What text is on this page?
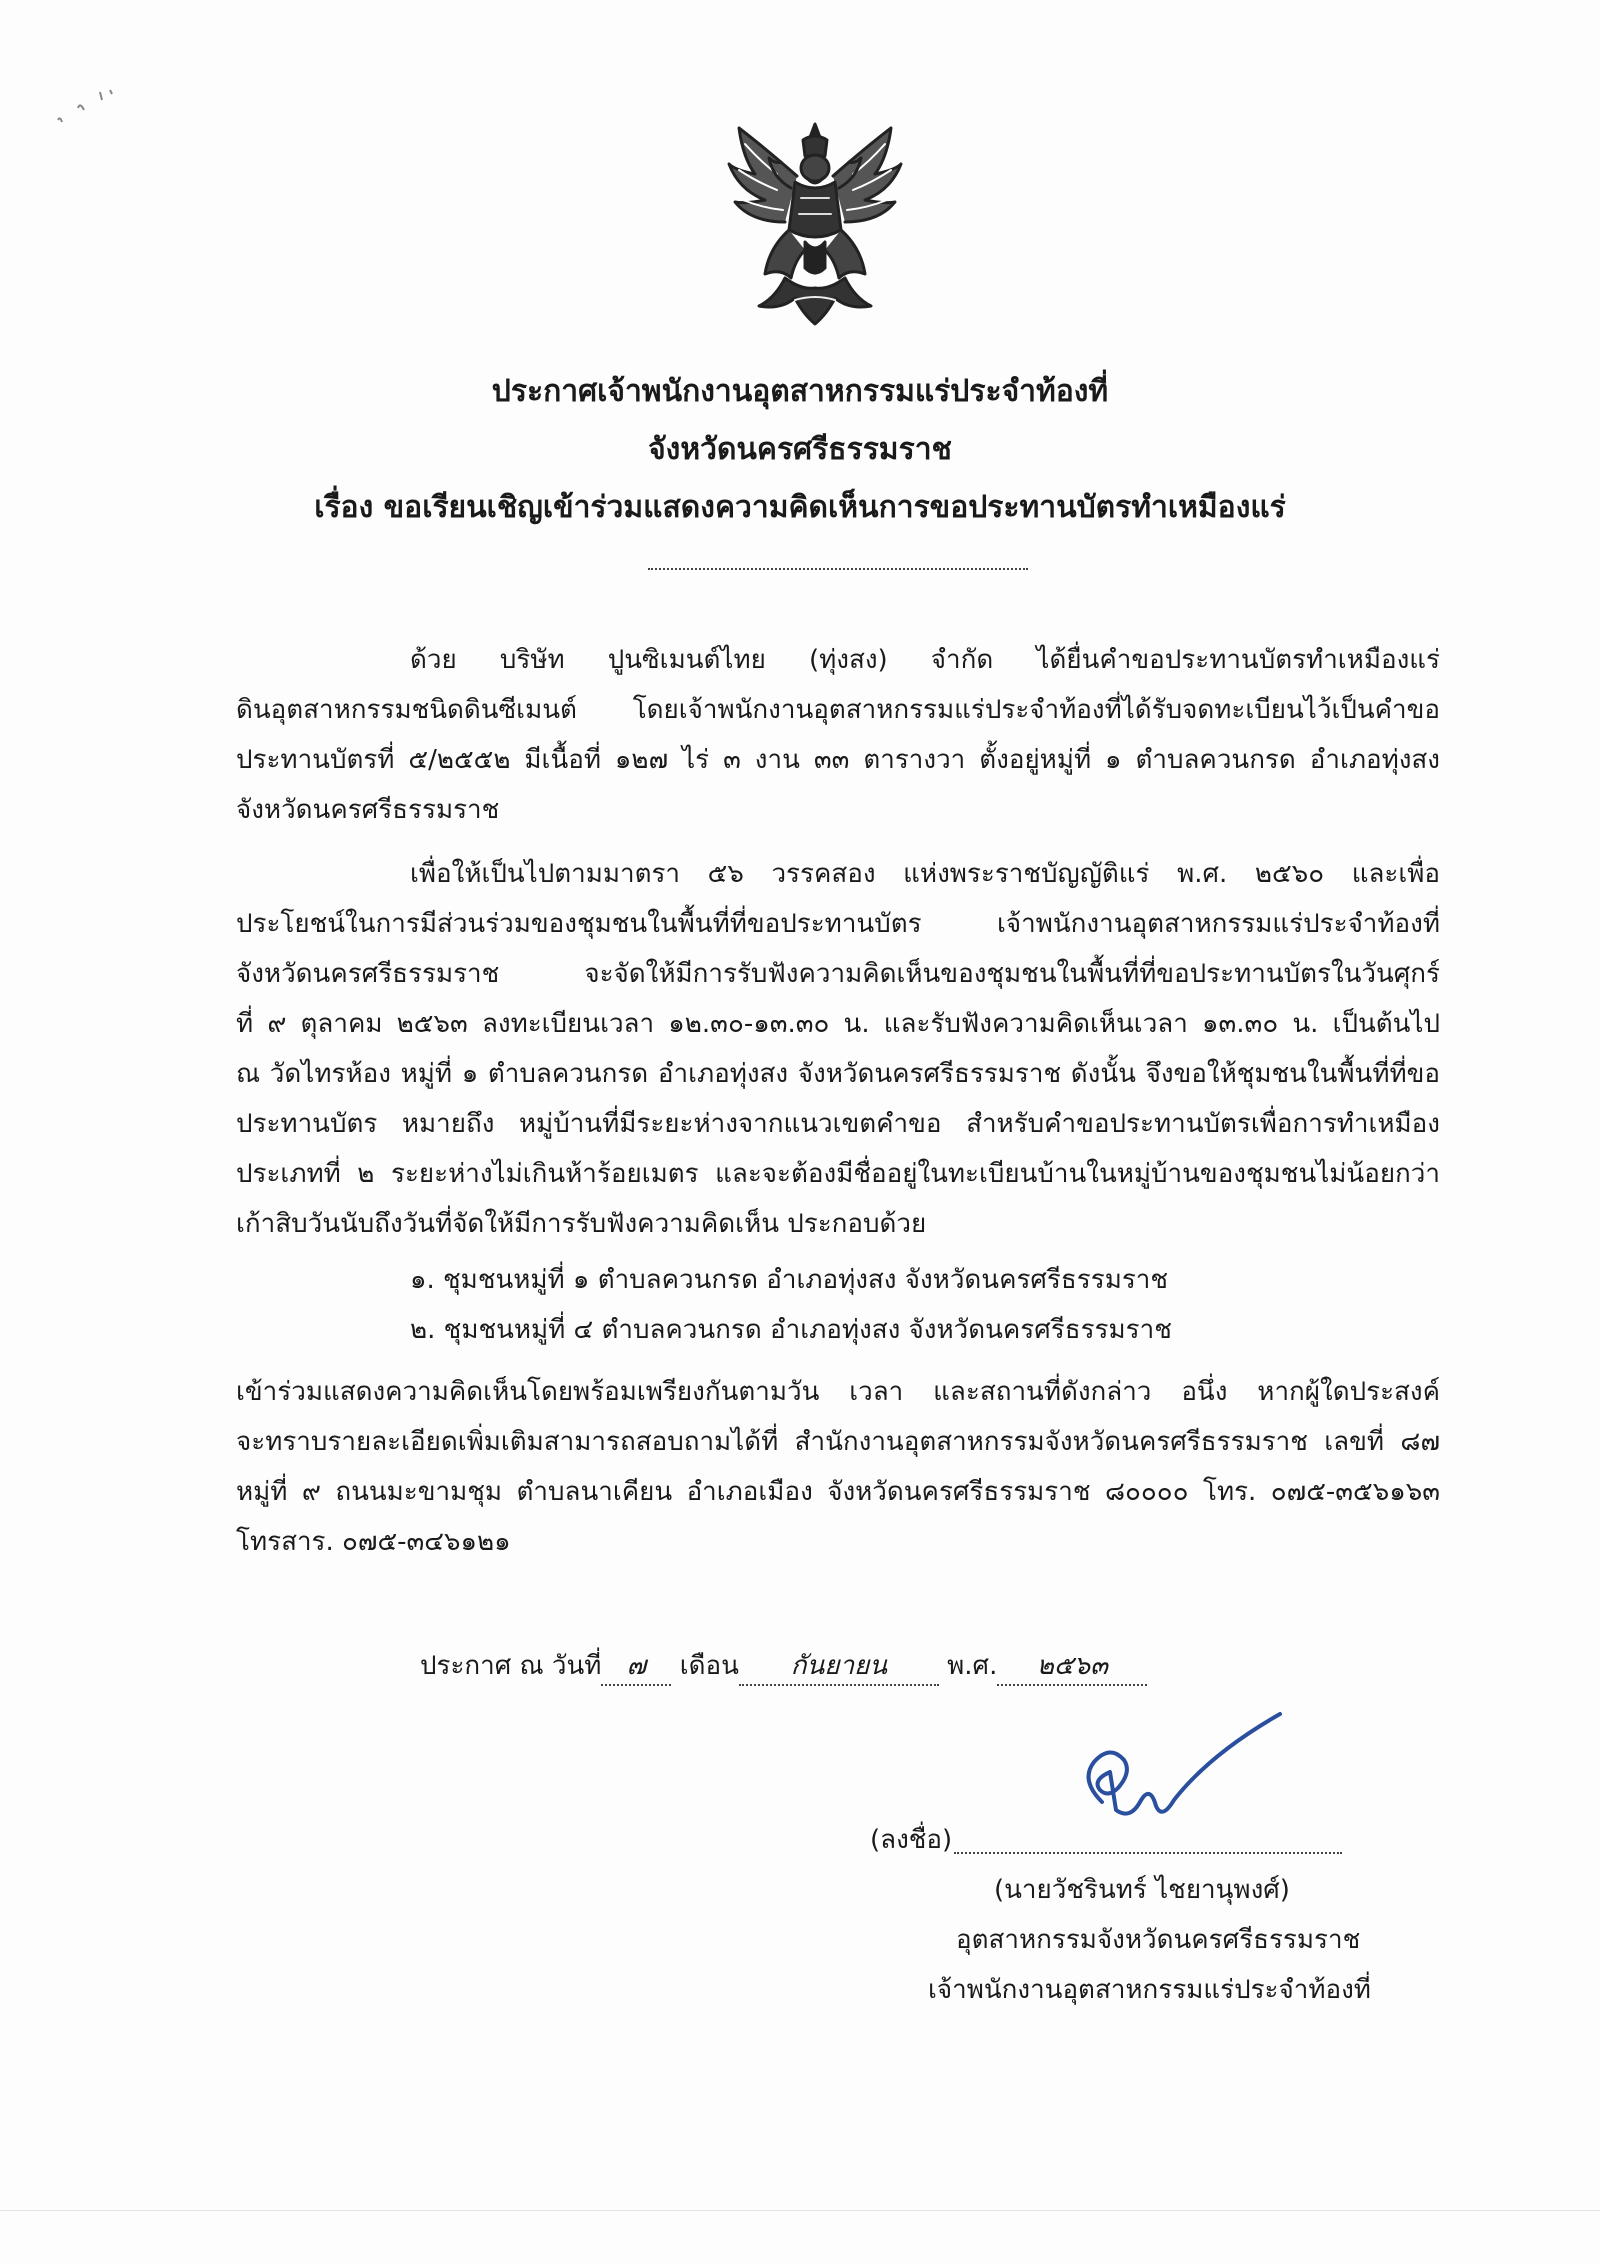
ประกาศเจ้าพนักงานอุตสาหกรรมแร่ประจำท้องที่
จังหวัดนครศรีธรรมราช
เรื่อง ขอเรียนเชิญเข้าร่วมแสดงความคิดเห็นการขอประทานบัตรทำเหมืองแร่
ด้วย บริษัท ปูนซิเมนต์ไทย (ทุ่งสง) จำกัด ได้ยื่นคำขอประทานบัตรทำเหมืองแร่
ดินอุตสาหกรรมชนิดดินซีเมนต์ โดยเจ้าพนักงานอุตสาหกรรมแร่ประจำท้องที่ได้รับจดทะเบียนไว้เป็นคำขอ
ประทานบัตรที่ ๕/๒๕๕๒ มีเนื้อที่ ๑๒๗ ไร่ ๓ งาน ๓๓ ตารางวา ตั้งอยู่หมู่ที่ ๑ ตำบลควนกรด อำเภอทุ่งสง
จังหวัดนครศรีธรรมราช
เพื่อให้เป็นไปตามมาตรา ๕๖ วรรคสอง แห่งพระราชบัญญัติแร่ พ.ศ. ๒๕๖๐ และเพื่อ
ประโยชน์ในการมีส่วนร่วมของชุมชนในพื้นที่ที่ขอประทานบัตร เจ้าพนักงานอุตสาหกรรมแร่ประจำท้องที่
จังหวัดนครศรีธรรมราช จะจัดให้มีการรับฟังความคิดเห็นของชุมชนในพื้นที่ที่ขอประทานบัตรในวันศุกร์
ที่ ๙ ตุลาคม ๒๕๖๓ ลงทะเบียนเวลา ๑๒.๓๐-๑๓.๓๐ น. และรับฟังความคิดเห็นเวลา ๑๓.๓๐ น. เป็นต้นไป
ณ วัดไทรห้อง หมู่ที่ ๑ ตำบลควนกรด อำเภอทุ่งสง จังหวัดนครศรีธรรมราช ดังนั้น จึงขอให้ชุมชนในพื้นที่ที่ขอ
ประทานบัตร หมายถึง หมู่บ้านที่มีระยะห่างจากแนวเขตคำขอ สำหรับคำขอประทานบัตรเพื่อการทำเหมือง
ประเภทที่ ๒ ระยะห่างไม่เกินห้าร้อยเมตร และจะต้องมีชื่ออยู่ในทะเบียนบ้านในหมู่บ้านของชุมชนไม่น้อยกว่า
เก้าสิบวันนับถึงวันที่จัดให้มีการรับฟังความคิดเห็น ประกอบด้วย
๑. ชุมชนหมู่ที่ ๑ ตำบลควนกรด อำเภอทุ่งสง จังหวัดนครศรีธรรมราช
๒. ชุมชนหมู่ที่ ๔ ตำบลควนกรด อำเภอทุ่งสง จังหวัดนครศรีธรรมราช
เข้าร่วมแสดงความคิดเห็นโดยพร้อมเพรียงกันตามวัน เวลา และสถานที่ดังกล่าว อนึ่ง หากผู้ใดประสงค์
จะทราบรายละเอียดเพิ่มเติมสามารถสอบถามได้ที่ สำนักงานอุตสาหกรรมจังหวัดนครศรีธรรมราช เลขที่ ๘๗
หมู่ที่ ๙ ถนนมะขามชุม ตำบลนาเคียน อำเภอเมือง จังหวัดนครศรีธรรมราช ๘๐๐๐๐ โทร. ๐๗๕-๓๕๖๑๖๓
โทรสาร. ๐๗๕-๓๔๖๑๒๑
ประกาศ ณ วันที่ ๗ เดือน กันยายน พ.ศ. ๒๕๖๓
(ลงชื่อ)
(นายวัชรินทร์ ไชยานุพงศ์)
อุตสาหกรรมจังหวัดนครศรีธรรมราช
เจ้าพนักงานอุตสาหกรรมแร่ประจำท้องที่
